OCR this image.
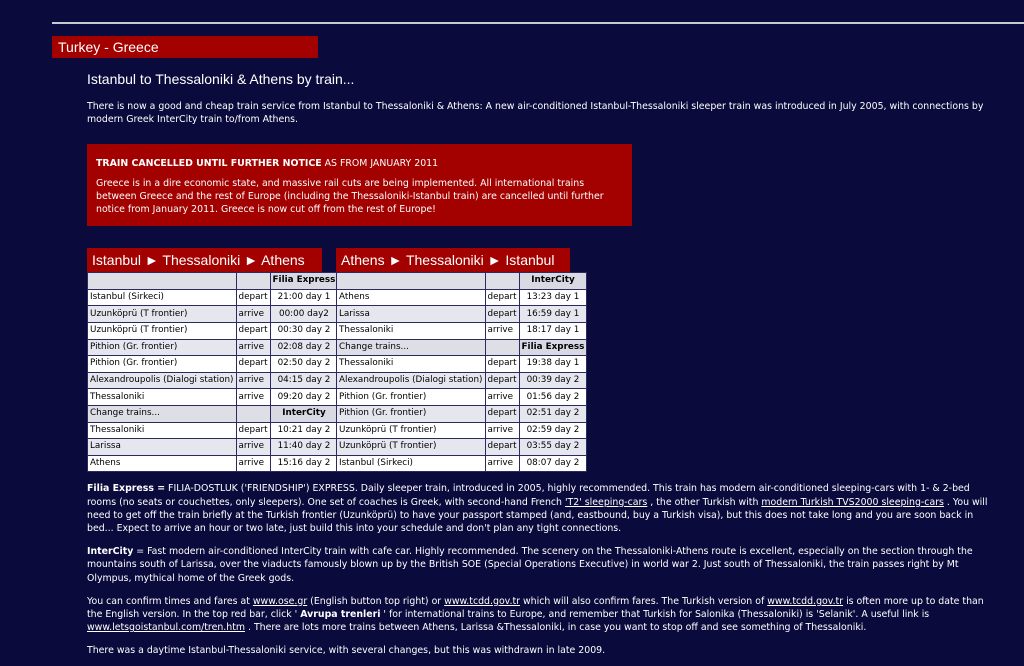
Turkey - Greece
Istanbul to Thessaloniki & Athens by train...
There is now a good and cheap train service from Istanbul to Thessaloniki & Athens: A new air-conditioned Istanbul-Thessaloniki sleeper train was introduced in July 2005, with connections by modern Greek InterCity train to/from Athens.
TRAIN CANCELLED UNTIL FURTHER NOTICE AS FROM JANUARY 2011
Greece is in a dire economic state, and massive rail cuts are being implemented. All international trains between Greece and the rest of Europe (including the Thessaloniki-Istanbul train) are cancelled until further notice from January 2011. Greece is now cut off from the rest of Europe!
Istanbul ► Thessaloniki ► Athens
		Filia Express
Istanbul (Sirkeci)	depart	21:00 day 1
Uzunköprü (T frontier)	arrive	00:00 day2
Uzunköprü (T frontier)	depart	00:30 day 2
Pithion (Gr. frontier)	arrive	02:08 day 2
Pithion (Gr. frontier)	depart	02:50 day 2
Alexandroupolis (Dialogi station)	arrive	04:15 day 2
Thessaloniki	arrive	09:20 day 2
Change trains...		InterCity
Thessaloniki	depart	10:21 day 2
Larissa	arrive	11:40 day 2
Athens	arrive	15:16 day 2
Athens ► Thessaloniki ► Istanbul
		InterCity
Athens	depart	13:23 day 1
Larissa	depart	16:59 day 1
Thessaloniki	arrive	18:17 day 1
Change trains...		Filia Express
Thessaloniki	depart	19:38 day 1
Alexandroupolis (Dialogi station)	depart	00:39 day 2
Pithion (Gr. frontier)	arrive	01:56 day 2
Pithion (Gr. frontier)	depart	02:51 day 2
Uzunköprü (T frontier)	arrive	02:59 day 2
Uzunköprü (T frontier)	depart	03:55 day 2
Istanbul (Sirkeci)	arrive	08:07 day 2
Filia Express = FILIA-DOSTLUK ('FRIENDSHIP') EXPRESS. Daily sleeper train, introduced in 2005, highly recommended. This train has modern air-conditioned sleeping-cars with 1- & 2-bed rooms (no seats or couchettes, only sleepers). One set of coaches is Greek, with second-hand French 'T2' sleeping-cars , the other Turkish with modern Turkish TVS2000 sleeping-cars . You will need to get off the train briefly at the Turkish frontier (Uzunköprü) to have your passport stamped (and, eastbound, buy a Turkish visa), but this does not take long and you are soon back in bed... Expect to arrive an hour or two late, just build this into your schedule and don't plan any tight connections.
InterCity = Fast modern air-conditioned InterCity train with cafe car. Highly recommended. The scenery on the Thessaloniki-Athens route is excellent, especially on the section through the mountains south of Larissa, over the viaducts famously blown up by the British SOE (Special Operations Executive) in world war 2. Just south of Thessaloniki, the train passes right by Mt Olympus, mythical home of the Greek gods.
You can confirm times and fares at www.ose.gr (English button top right) or www.tcdd.gov.tr which will also confirm fares. The Turkish version of www.tcdd.gov.tr is often more up to date than the English version. In the top red bar, click ' Avrupa trenleri ' for international trains to Europe, and remember that Turkish for Salonika (Thessaloniki) is 'Selanik'. A useful link is www.letsgoistanbul.com/tren.htm . There are lots more trains between Athens, Larissa &Thessaloniki, in case you want to stop off and see something of Thessaloniki.
There was a daytime Istanbul-Thessaloniki service, with several changes, but this was withdrawn in late 2009.
